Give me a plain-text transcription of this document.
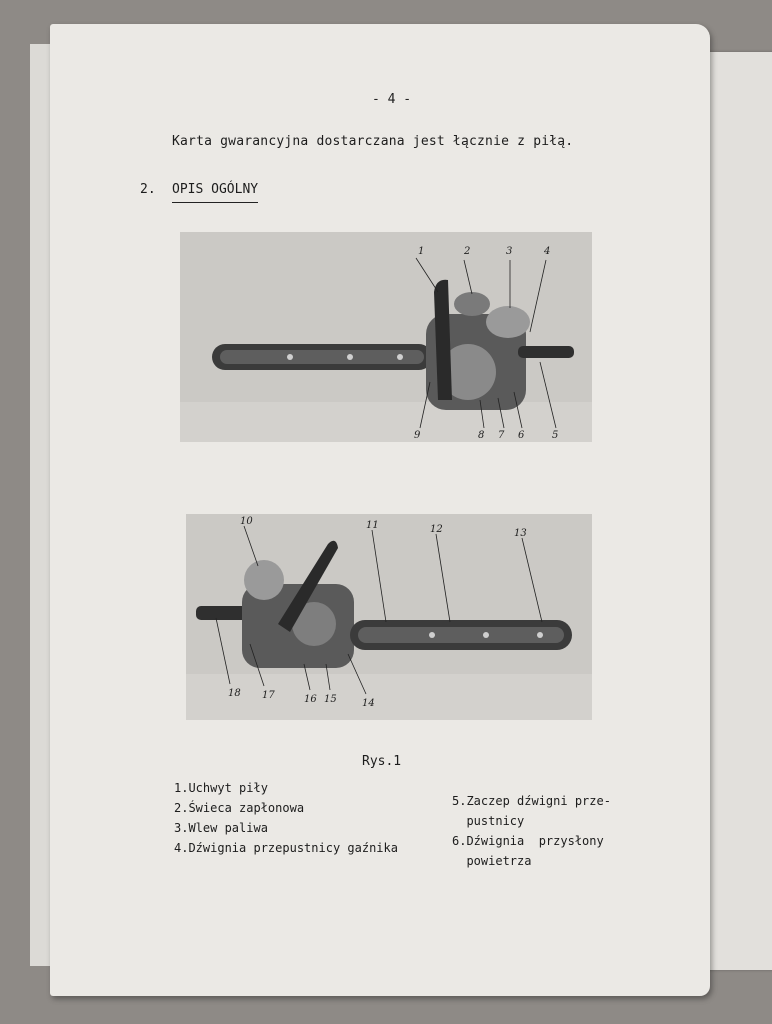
- 4 -
Karta gwarancyjna dostarczana jest łącznie z piłą.
2. OPIS OGÓLNY
1	2	3	4
9	8 7 6	5
10	11	12	13
18 17	16 15	14
Rys.1
1.Uchwyt piły
2.Świeca zapłonowa
3.Wlew paliwa
4.Dźwignia przepustnicy gaźnika
5.Zaczep dźwigni prze-
pustnicy
6.Dźwignia  przysłony
powietrza
